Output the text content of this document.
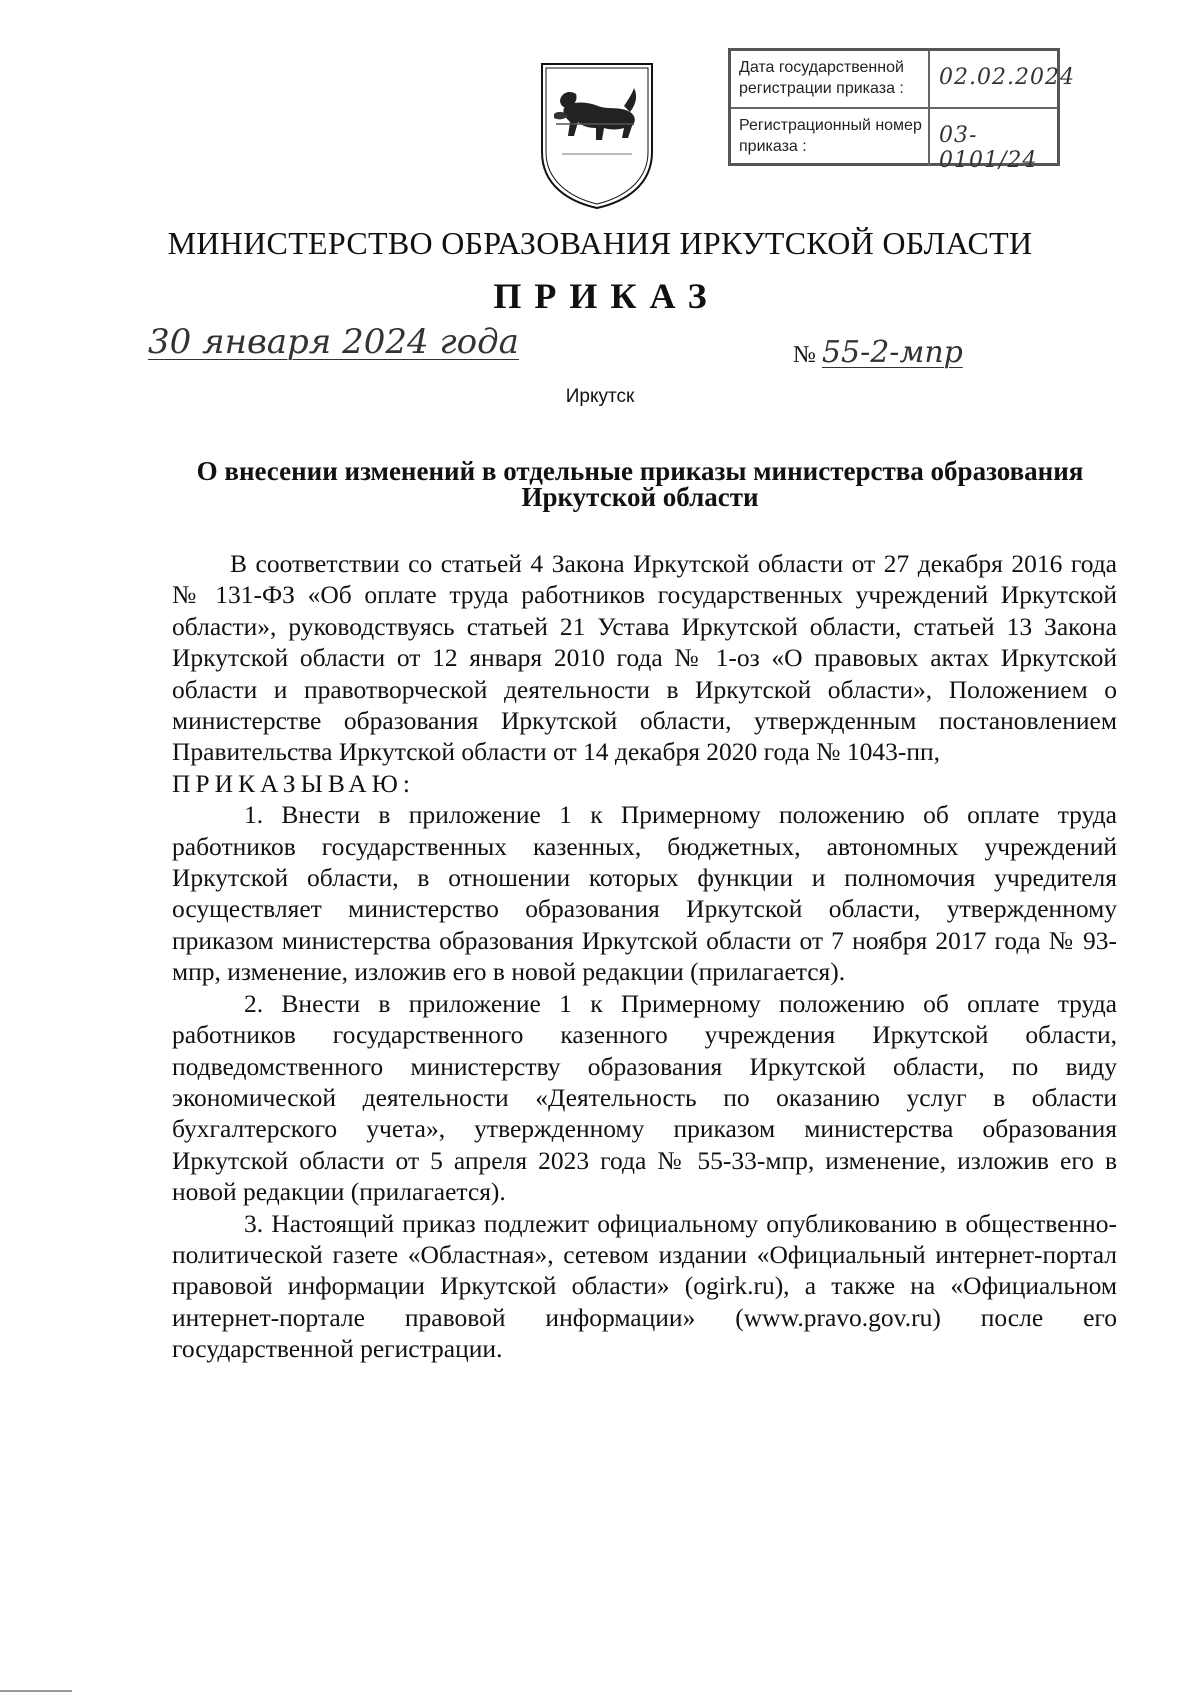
Дата государственной регистрации приказа :	02.02.2024
Регистрационный номер приказа :	03-0101/24
МИНИСТЕРСТВО ОБРАЗОВАНИЯ ИРКУТСКОЙ ОБЛАСТИ
ПРИКАЗ
30 января 2024 года	№ 55-2-мпр
Иркутск
О внесении изменений в отдельные приказы министерства образования Иркутской области

В соответствии со статьей 4 Закона Иркутской области от 27 декабря 2016 года № 131-ФЗ «Об оплате труда работников государственных учреждений Иркутской области», руководствуясь статьей 21 Устава Иркутской области, статьей 13 Закона Иркутской области от 12 января 2010 года № 1-оз «О правовых актах Иркутской области и правотворческой деятельности в Иркутской области», Положением о министерстве образования Иркутской области, утвержденным постановлением Правительства Иркутской области от 14 декабря 2020 года № 1043-пп,

ПРИКАЗЫВАЮ:

1. Внести в приложение 1 к Примерному положению об оплате труда работников государственных казенных, бюджетных, автономных учреждений Иркутской области, в отношении которых функции и полномочия учредителя осуществляет министерство образования Иркутской области, утвержденному приказом министерства образования Иркутской области от 7 ноября 2017 года № 93-мпр, изменение, изложив его в новой редакции (прилагается).

2. Внести в приложение 1 к Примерному положению об оплате труда работников государственного казенного учреждения Иркутской области, подведомственного министерству образования Иркутской области, по виду экономической деятельности «Деятельность по оказанию услуг в области бухгалтерского учета», утвержденному приказом министерства образования Иркутской области от 5 апреля 2023 года № 55-33-мпр, изменение, изложив его в новой редакции (прилагается).

3. Настоящий приказ подлежит официальному опубликованию в общественно-политической газете «Областная», сетевом издании «Официальный интернет-портал правовой информации Иркутской области» (ogirk.ru), а также на «Официальном интернет-портале правовой информации» (www.pravo.gov.ru) после его государственной регистрации.
